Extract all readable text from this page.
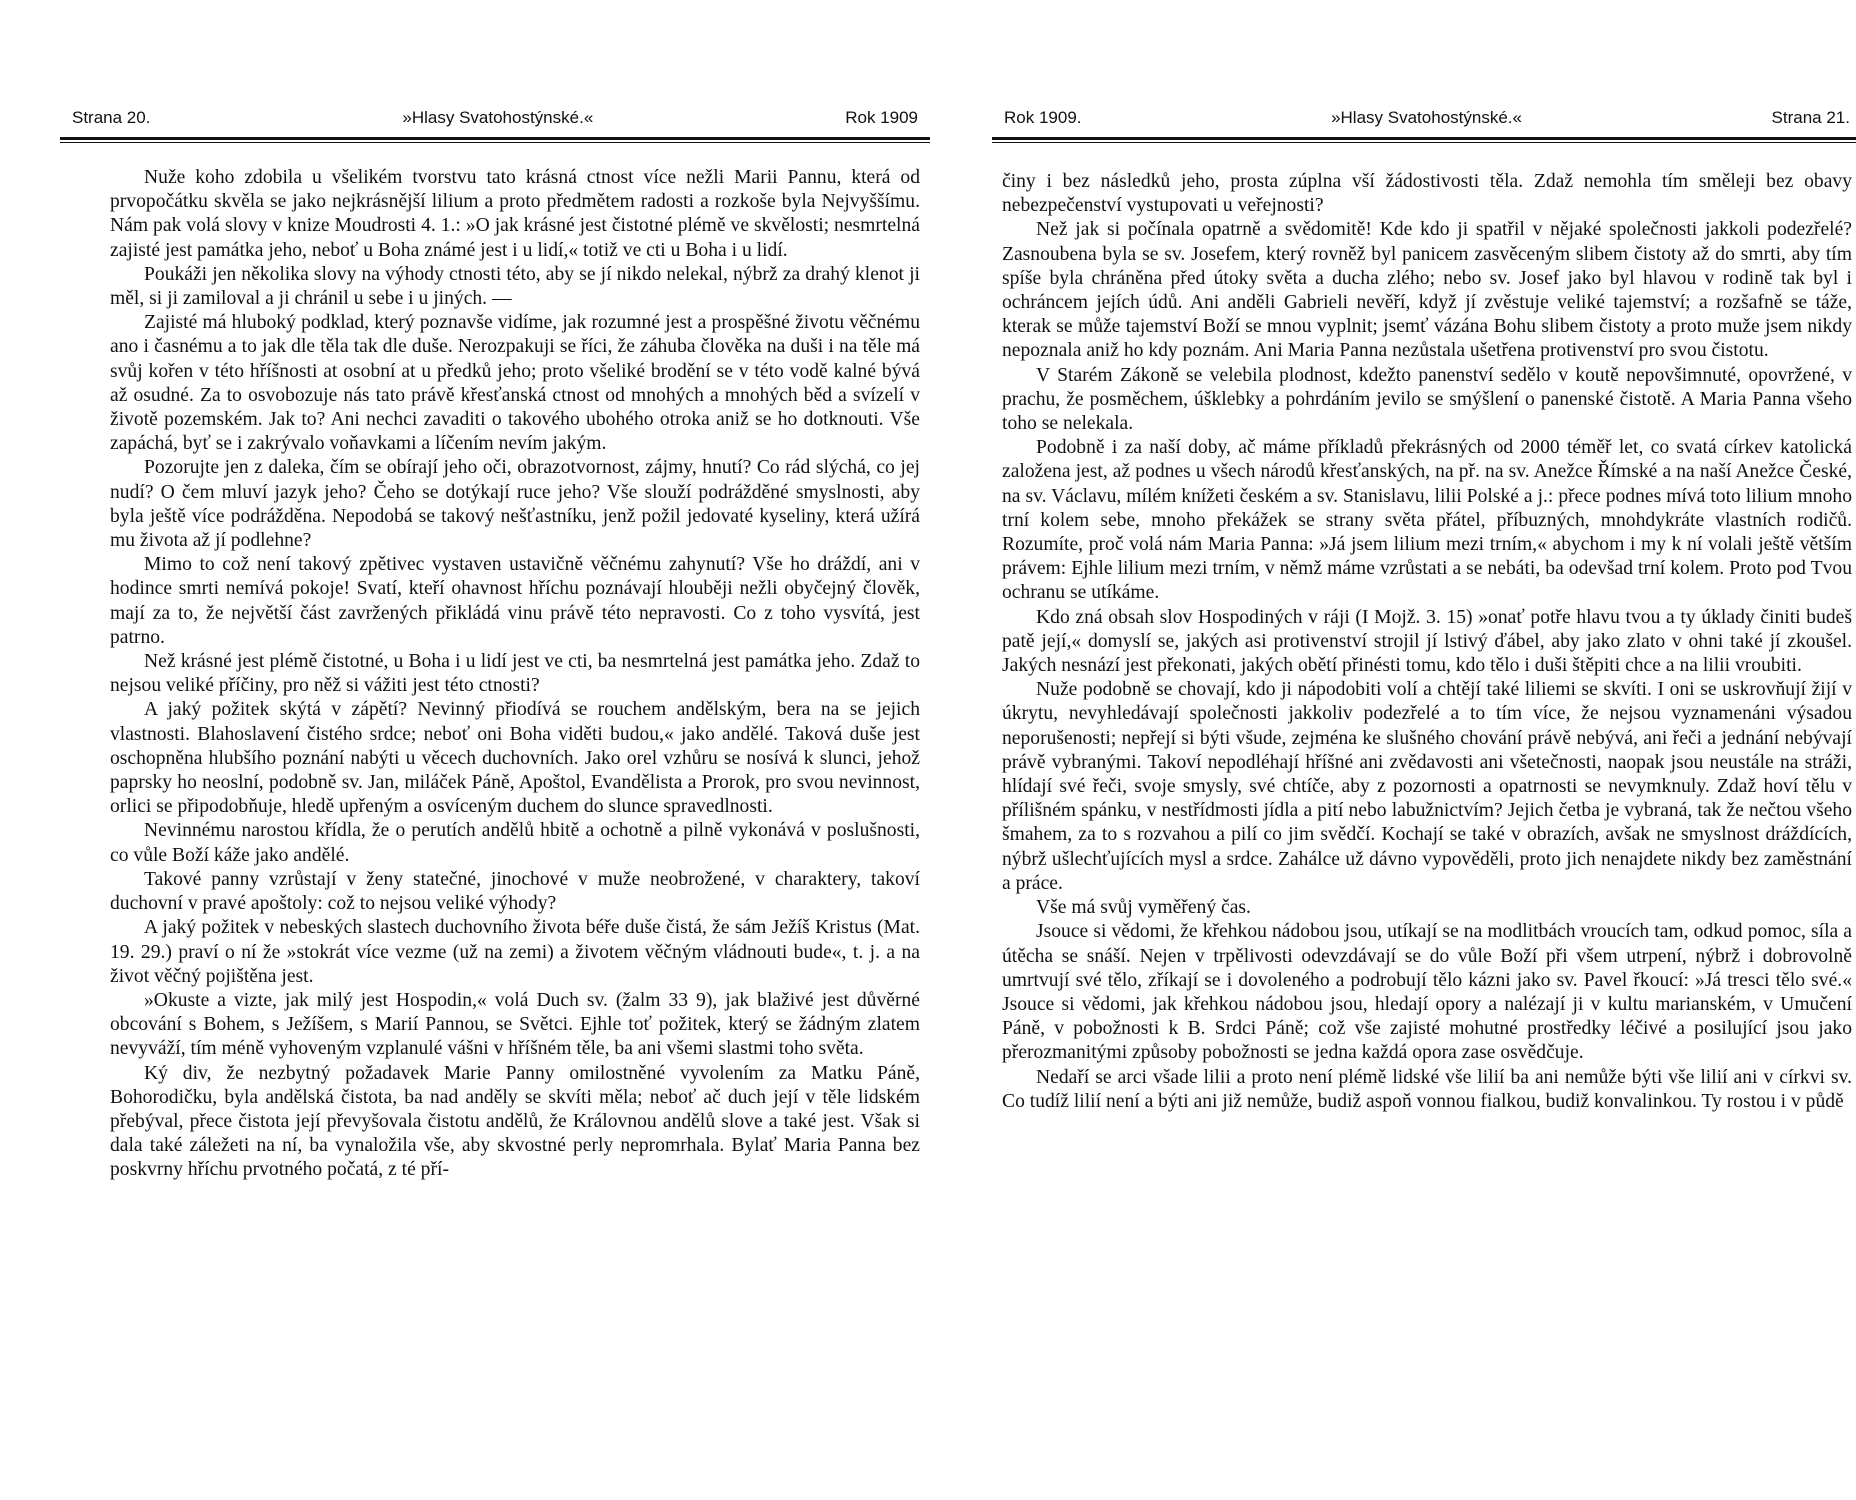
Strana 20.	»Hlasy Svatohostýnské.«	Rok 1909

Nuže koho zdobila u všelikém tvorstvu tato krásná ctnost více nežli Marii Pannu, která od prvopočátku skvěla se jako nejkrásnější lilium a proto předmětem radosti a rozkoše byla Nejvyššímu. Nám pak volá slovy v knize Moudrosti 4. 1.: »O jak krásné jest čistotné plémě ve skvělosti; nesmrtelná zajisté jest památka jeho, neboť u Boha známé jest i u lidí,« totiž ve cti u Boha i u lidí.

Poukáži jen několika slovy na výhody ctnosti této, aby se jí nikdo nelekal, nýbrž za drahý klenot ji měl, si ji zamiloval a ji chránil u sebe i u jiných. —

Zajisté má hluboký podklad, který poznavše vidíme, jak rozumné jest a prospěšné životu věčnému ano i časnému a to jak dle těla tak dle duše. Nerozpakuji se říci, že záhuba člověka na duši i na těle má svůj kořen v této hříšnosti at osobní at u předků jeho; proto všeliké brodění se v této vodě kalné bývá až osudné. Za to osvobozuje nás tato právě křesťanská ctnost od mnohých a mnohých běd a svízelí v životě pozemském. Jak to? Ani nechci zavaditi o takového ubohého otroka aniž se ho dotknouti. Vše zapáchá, byť se i zakrývalo voňavkami a líčením nevím jakým.

Pozorujte jen z daleka, čím se obírají jeho oči, obrazotvornost, zájmy, hnutí? Co rád slýchá, co jej nudí? O čem mluví jazyk jeho? Čeho se dotýkají ruce jeho? Vše slouží podrážděné smyslnosti, aby byla ještě více podrážděna. Nepodobá se takový nešťastníku, jenž požil jedovaté kyseliny, která užírá mu života až jí podlehne?

Mimo to což není takový zpětivec vystaven ustavičně věčnému zahynutí? Vše ho dráždí, ani v hodince smrti nemívá pokoje! Svatí, kteří ohavnost hříchu poznávají hlouběji nežli obyčejný člověk, mají za to, že největší část zavržených přikládá vinu právě této nepravosti. Co z toho vysvítá, jest patrno.

Než krásné jest plémě čistotné, u Boha i u lidí jest ve cti, ba nesmrtelná jest památka jeho. Zdaž to nejsou veliké příčiny, pro něž si vážiti jest této ctnosti?

A jaký požitek skýtá v zápětí? Nevinný přiodívá se rouchem andělským, bera na se jejich vlastnosti. Blahoslavení čistého srdce; neboť oni Boha viděti budou,« jako andělé. Taková duše jest oschopněna hlubšího poznání nabýti u věcech duchovních. Jako orel vzhůru se nosívá k slunci, jehož paprsky ho neoslní, podobně sv. Jan, miláček Páně, Apoštol, Evandělista a Prorok, pro svou nevinnost, orlici se připodobňuje, hledě upřeným a osvíceným duchem do slunce spravedlnosti.

Nevinnému narostou křídla, že o perutích andělů hbitě a ochotně a pilně vykonává v poslušnosti, co vůle Boží káže jako andělé.

Takové panny vzrůstají v ženy statečné, jinochové v muže neobrožené, v charaktery, takoví duchovní v pravé apoštoly: což to nejsou veliké výhody?

A jaký požitek v nebeských slastech duchovního života béře duše čistá, že sám Ježíš Kristus (Mat. 19. 29.) praví o ní že »stokrát více vezme (už na zemi) a životem věčným vládnouti bude«, t. j. a na život věčný pojištěna jest.

»Okuste a vizte, jak milý jest Hospodin,« volá Duch sv. (žalm 33 9), jak blaživé jest důvěrné obcování s Bohem, s Ježíšem, s Marií Pannou, se Světci. Ejhle toť požitek, který se žádným zlatem nevyváží, tím méně vyhoveným vzplanulé vášni v hříšném těle, ba ani všemi slastmi toho světa.

Ký div, že nezbytný požadavek Marie Panny omilostněné vyvolením za Matku Páně, Bohorodičku, byla andělská čistota, ba nad anděly se skvíti měla; neboť ač duch její v těle lidském přebýval, přece čistota její převyšovala čistotu andělů, že Královnou andělů slove a také jest. Však si dala také záležeti na ní, ba vynaložila vše, aby skvostné perly nepromrhala. Bylať Maria Panna bez poskvrny hříchu prvotného počatá, z té pří-

Rok 1909.	»Hlasy Svatohostýnské.«	Strana 21.

činy i bez následků jeho, prosta zúplna vší žádostivosti těla. Zdaž nemohla tím směleji bez obavy nebezpečenství vystupovati u veřejnosti?

Než jak si počínala opatrně a svědomitě! Kde kdo ji spatřil v nějaké společnosti jakkoli podezřelé? Zasnoubena byla se sv. Josefem, který rovněž byl panicem zasvěceným slibem čistoty až do smrti, aby tím spíše byla chráněna před útoky světa a ducha zlého; nebo sv. Josef jako byl hlavou v rodině tak byl i ochráncem jejích údů. Ani anděli Gabrieli nevěří, když jí zvěstuje veliké tajemství; a rozšafně se táže, kterak se může tajemství Boží se mnou vyplnit; jsemť vázána Bohu slibem čistoty a proto muže jsem nikdy nepoznala aniž ho kdy poznám. Ani Maria Panna nezůstala ušetřena protivenství pro svou čistotu.

V Starém Zákoně se velebila plodnost, kdežto panenství sedělo v koutě nepovšimnuté, opovržené, v prachu, že posměchem, úšklebky a pohrdáním jevilo se smýšlení o panenské čistotě. A Maria Panna všeho toho se nelekala.

Podobně i za naší doby, ač máme příkladů překrásných od 2000 téměř let, co svatá církev katolická založena jest, až podnes u všech národů křesťanských, na př. na sv. Anežce Římské a na naší Anežce České, na sv. Václavu, mílém knížeti českém a sv. Stanislavu, lilii Polské a j.: přece podnes mívá toto lilium mnoho trní kolem sebe, mnoho překážek se strany světa přátel, příbuzných, mnohdykráte vlastních rodičů. Rozumíte, proč volá nám Maria Panna: »Já jsem lilium mezi trním,« abychom i my k ní volali ještě větším právem: Ejhle lilium mezi trním, v němž máme vzrůstati a se nebáti, ba odevšad trní kolem. Proto pod Tvou ochranu se utíkáme.

Kdo zná obsah slov Hospodiných v ráji (I Mojž. 3. 15) »onať potře hlavu tvou a ty úklady činiti budeš patě její,« domyslí se, jakých asi protivenství strojil jí lstivý ďábel, aby jako zlato v ohni také jí zkoušel. Jakých nesnází jest překonati, jakých obětí přinésti tomu, kdo tělo i duši štěpiti chce a na lilii vroubiti.

Nuže podobně se chovají, kdo ji nápodobiti volí a chtějí také liliemi se skvíti. I oni se uskrovňují žijí v úkrytu, nevyhledávají společnosti jakkoliv podezřelé a to tím více, že nejsou vyznamenáni výsadou neporušenosti; nepřejí si býti všude, zejména ke slušného chování právě nebývá, ani řeči a jednání nebývají právě vybranými. Takoví nepodléhají hříšné ani zvědavosti ani všetečnosti, naopak jsou neustále na stráži, hlídají své řeči, svoje smysly, své chtíče, aby z pozornosti a opatrnosti se nevymknuly. Zdaž hoví tělu v přílišném spánku, v nestřídmosti jídla a pití nebo labužnictvím? Jejich četba je vybraná, tak že nečtou všeho šmahem, za to s rozvahou a pilí co jim svědčí. Kochají se také v obrazích, avšak ne smyslnost dráždících, nýbrž ušlechťujících mysl a srdce. Zahálce už dávno vypověděli, proto jich nenajdete nikdy bez zaměstnání a práce.

Vše má svůj vyměřený čas.

Jsouce si vědomi, že křehkou nádobou jsou, utíkají se na modlitbách vroucích tam, odkud pomoc, síla a útěcha se snáší. Nejen v trpělivosti odevzdávají se do vůle Boží při všem utrpení, nýbrž i dobrovolně umrtvují své tělo, zříkají se i dovoleného a podrobují tělo kázni jako sv. Pavel řkoucí: »Já tresci tělo své.« Jsouce si vědomi, jak křehkou nádobou jsou, hledají opory a nalézají ji v kultu marianském, v Umučení Páně, v pobožnosti k B. Srdci Páně; což vše zajisté mohutné prostředky léčivé a posilující jsou jako přerozmanitými způsoby pobožnosti se jedna každá opora zase osvědčuje.

Nedaří se arci všade lilii a proto není plémě lidské vše lilií ba ani nemůže býti vše lilií ani v církvi sv. Co tudíž lilií není a býti ani již nemůže, budiž aspoň vonnou fialkou, budiž konvalinkou. Ty rostou i v půdě
